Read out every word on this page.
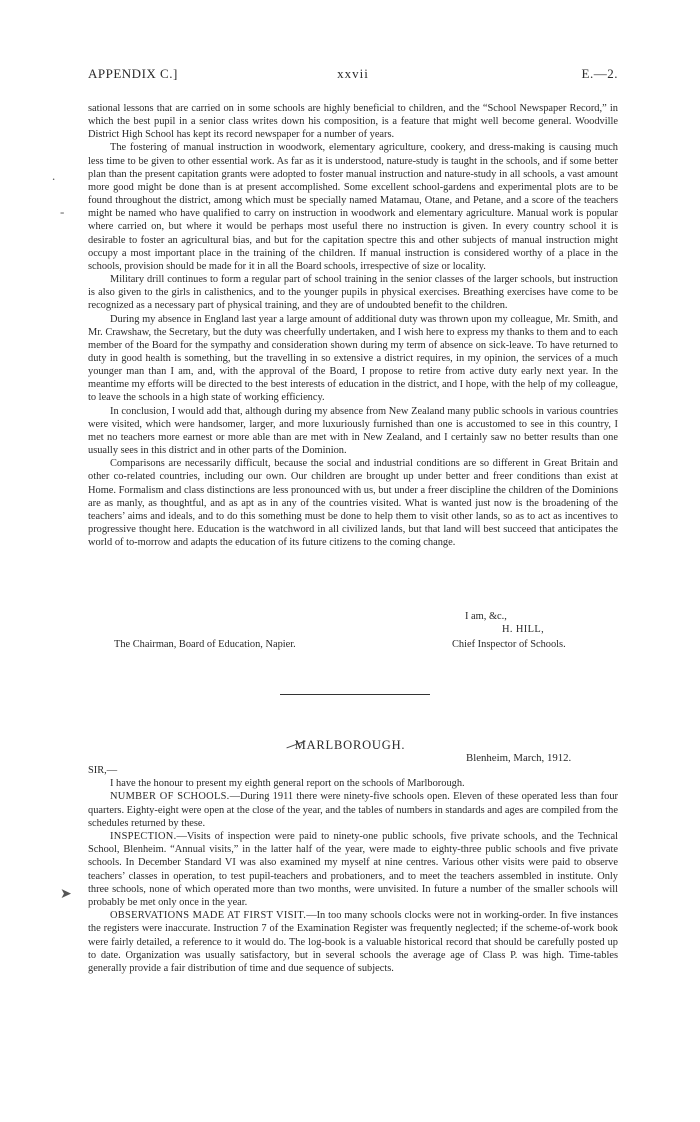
APPENDIX C.]	xxvii	E.—2.
.
‐

sational lessons that are carried on in some schools are highly beneficial to children, and the “School Newspaper Record,” in which the best pupil in a senior class writes down his composition, is a feature that might well become general. Woodville District High School has kept its record newspaper for a number of years.

The fostering of manual instruction in woodwork, elementary agriculture, cookery, and dress-making is causing much less time to be given to other essential work. As far as it is understood, nature-study is taught in the schools, and if some better plan than the present capitation grants were adopted to foster manual instruction and nature-study in all schools, a vast amount more good might be done than is at present accomplished. Some excellent school-gardens and experimental plots are to be found throughout the district, among which must be specially named Matamau, Otane, and Petane, and a score of the teachers might be named who have qualified to carry on instruction in woodwork and elementary agriculture. Manual work is popular where carried on, but where it would be perhaps most useful there no instruction is given. In every country school it is desirable to foster an agricultural bias, and but for the capitation spectre this and other subjects of manual instruction might occupy a most important place in the training of the children. If manual instruction is considered worthy of a place in the schools, provision should be made for it in all the Board schools, irrespective of size or locality.

Military drill continues to form a regular part of school training in the senior classes of the larger schools, but instruction is also given to the girls in calisthenics, and to the younger pupils in physical exercises. Breathing exercises have come to be recognized as a necessary part of physical training, and they are of undoubted benefit to the children.

During my absence in England last year a large amount of additional duty was thrown upon my colleague, Mr. Smith, and Mr. Crawshaw, the Secretary, but the duty was cheerfully undertaken, and I wish here to express my thanks to them and to each member of the Board for the sympathy and consideration shown during my term of absence on sick-leave. To have returned to duty in good health is something, but the travelling in so extensive a district requires, in my opinion, the services of a much younger man than I am, and, with the approval of the Board, I propose to retire from active duty early next year. In the meantime my efforts will be directed to the best interests of education in the district, and I hope, with the help of my colleague, to leave the schools in a high state of working efficiency.

In conclusion, I would add that, although during my absence from New Zealand many public schools in various countries were visited, which were handsomer, larger, and more luxuriously furnished than one is accustomed to see in this country, I met no teachers more earnest or more able than are met with in New Zealand, and I certainly saw no better results than one usually sees in this district and in other parts of the Dominion.

Comparisons are necessarily difficult, because the social and industrial conditions are so different in Great Britain and other co-related countries, including our own. Our children are brought up under better and freer conditions than exist at Home. Formalism and class distinctions are less pronounced with us, but under a freer discipline the children of the Dominions are as manly, as thoughtful, and as apt as in any of the countries visited. What is wanted just now is the broadening of the teachers’ aims and ideals, and to do this something must be done to help them to visit other lands, so as to act as incentives to progressive thought here. Education is the watchword in all civilized lands, but that land will best succeed that anticipates the world of to-morrow and adapts the education of its future citizens to the coming change.

I am, &c.,
H. HILL,
The Chairman, Board of Education, Napier.	Chief Inspector of Schools.
MARLBOROUGH.
Blenheim, March, 1912.
➤

SIR,—

I have the honour to present my eighth general report on the schools of Marlborough.

NUMBER OF SCHOOLS.—During 1911 there were ninety-five schools open. Eleven of these operated less than four quarters. Eighty-eight were open at the close of the year, and the tables of numbers in standards and ages are compiled from the schedules returned by these.

INSPECTION.—Visits of inspection were paid to ninety-one public schools, five private schools, and the Technical School, Blenheim. “Annual visits,” in the latter half of the year, were made to eighty-three public schools and five private schools. In December Standard VI was also examined my myself at nine centres. Various other visits were paid to observe teachers’ classes in operation, to test pupil-teachers and probationers, and to meet the teachers assembled in institute. Only three schools, none of which operated more than two months, were unvisited. In future a number of the smaller schools will probably be met only once in the year.

OBSERVATIONS MADE AT FIRST VISIT.—In too many schools clocks were not in working-order. In five instances the registers were inaccurate. Instruction 7 of the Examination Register was frequently neglected; if the scheme-of-work book were fairly detailed, a reference to it would do. The log-book is a valuable historical record that should be carefully posted up to date. Organization was usually satisfactory, but in several schools the average age of Class P. was high. Time-tables generally provide a fair distribution of time and due sequence of subjects.
